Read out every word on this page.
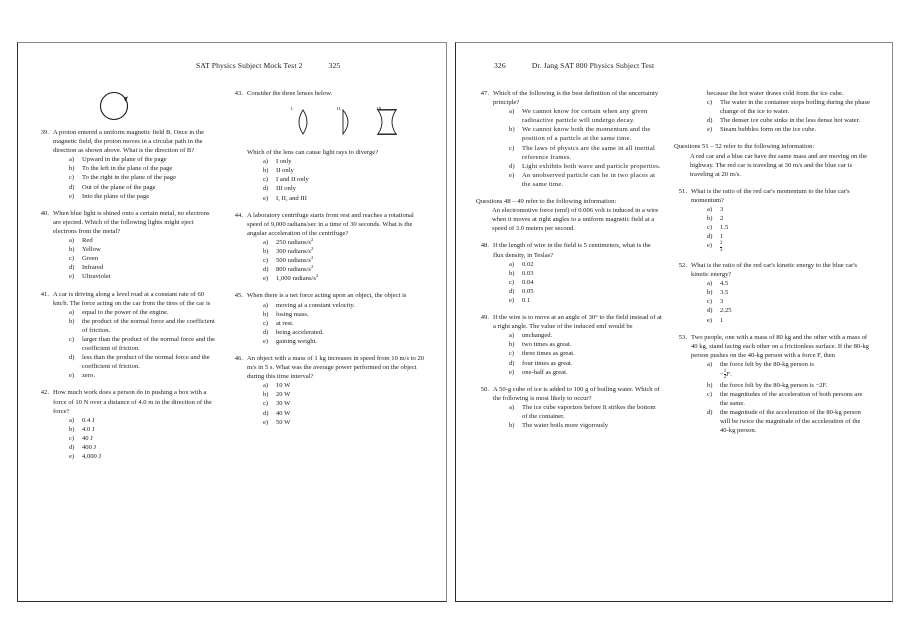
SAT Physics Subject Mock Test 2	325
39. A proton entered a uniform magnetic field B. Once in the magnetic field, the proton moves in a circular path in the direction as shown above. What is the direction of B?
a)	Upward in the plane of the page
b)	To the left in the plane of the page
c)	To the right in the plane of the page
d)	Out of the plane of the page
e)	Into the plane of the page
40. When blue light is shined onto a certain metal, no electrons are ejected. Which of the following lights might eject electrons from the metal?
a)	Red
b)	Yellow
c)	Green
d)	Infrared
e)	Ultraviolet
41. A car is driving along a level road at a constant rate of 60 km/h. The force acting on the car from the tires of the car is
a)	equal to the power of the engine.
b)	the product of the normal force and the coefficient of friction.
c)	larger than the product of the normal force and the coefficient of friction.
d)	less than the product of the normal force and the coefficient of friction.
e)	zero.
42. How much work does a person do in pushing a box with a force of 10 N over a distance of 4.0 m in the direction of the force?
a)	0.4 J
b)	4.0 J
c)	40 J
d)	400 J
e)	4,000 J
43. Consider the three lenses below.
I.	II.	III.
Which of the lens can cause light rays to diverge?
a)	I only
b)	II only
c)	I and II only
d)	III only
e)	I, II, and III
44. A laboratory centrifuge starts from rest and reaches a rotational speed of 9,000 radians/sec in a time of 30 seconds. What is the angular acceleration of the centrifuge?
a)	250 radians/$s^2$
b)	300 radians/$s^2$
c)	500 radians/$s^2$
d)	800 radians/$s^2$
e)	1,000 radians/$s^2$
45. When there is a net force acting upon an object, the object is
a)	moving at a constant velocity.
b)	losing mass.
c)	at rest.
d)	being accelerated.
e)	gaining weight.
46. An object with a mass of 1 kg increases in speed from 10 m/s to 20 m/s in 5 s. What was the average power performed on the object during this time interval?
a)	10 W
b)	20 W
c)	30 W
d)	40 W
e)	50 W
326	Dr. Jang SAT 800 Physics Subject Test
47. Which of the following is the best definition of the uncertainty principle?
a)	We cannot know for certain when any given radioactive particle will undergo decay.
b)	We cannot know both the momentum and the position of a particle at the same time.
c)	The laws of physics are the same in all inertial reference frames.
d)	Light exhibits both wave and particle properties.
e)	An unobserved particle can be in two places at the same time.
Questions 48 – 49 refer to the following information:
An electromotive force (emf) of 0.006 volt is induced in a wire when it moves at right angles to a uniform magnetic field at a speed of 3.0 meters per second.
48. If the length of wire in the field is 5 centimeters, what is the flux density, in Teslas?
a)	0.02
b)	0.03
c)	0.04
d)	0.05
e)	0.1
49. If the wire is to move at an angle of 30° to the field instead of at a right angle. The value of the induced emf would be
a)	unchanged.
b)	two times as great.
c)	three times as great.
d)	four times as great.
e)	one-half as great.
50. A 50-g cube of ice is added to 100 g of boiling water. Which of the following is most likely to occur?
a)	The ice cube vaporizes before It strikes the bottom of the container.
b)	The water boils more vigorously
because the hot water draws cold from the ice cube.
c)	The water in the container stops boiling during the phase change of the ice to water.
d)	The denser ice cube sinks in the less dense hot water.
e)	Steam bubbles form on the ice cube.
Questions 51 – 52 refer to the following information:
A red car and a blue car have the same mass and are moving on the highway. The red car is traveling at 30 m/s and the blue car is traveling at 20 m/s.
51. What is the ratio of the red car's momentum to the blue car's momentum?
a)	3
b)	2
c)	1.5
d)	1
e)	$\frac{2}{3}$
52. What is the ratio of the red car's kinetic energy to the blue car's kinetic energy?
a)	4.5
b)	3.5
c)	3
d)	2.25
e)	1
53. Two people, one with a mass of 80 kg and the other with a mass of 40 kg, stand facing each other on a frictionless surface. If the 80-kg person pushes on the 40-kg person with a force F, then
a)	the force felt by the 80-kg person is
$-\frac{1}{2} F$.
b)	the force felt by the 80-kg person is −2F.
c)	the magnitudes of the acceleration of both persons are the same.
d)	the magnitude of the acceleration of the 80-kg person will be twice the magnitude of the acceleration of the 40-kg person.
